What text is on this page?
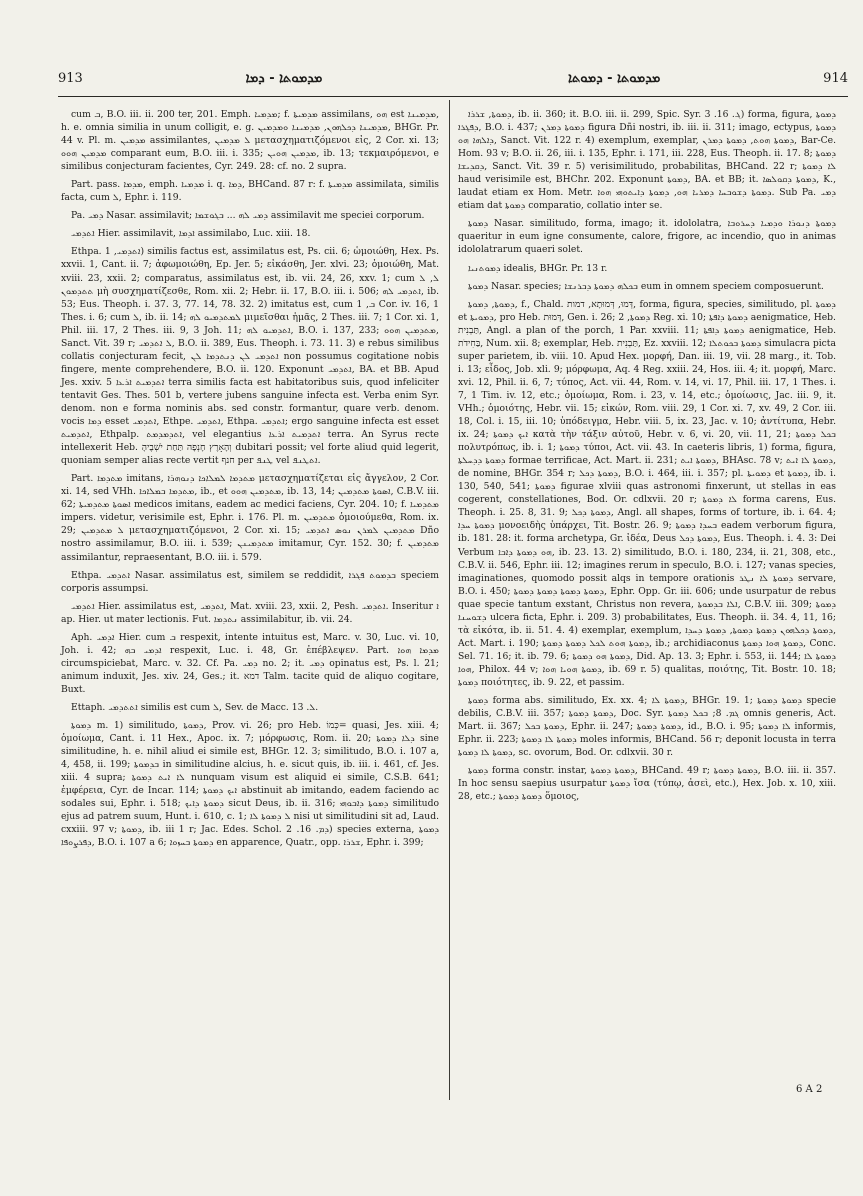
913	ܡܕܡܘܬܐ - ܕܡܐ	ܡܕܡܘܬܐ - ܕܡܘܬܐ	914

cum ܒ, B.O. iii. ii. 200 ter, 201. Emph. ܡܕܡܝܐ; f. ܡܕܡܝܬܐ assimilans, ܗܘ est ܡܕܡܝܢܐ, h. e. omnia similia in unum colligit, e. g. ܡܕܡܝܢܐ ܕܟܠܗܘܢ, ܡܕܡܝܢܐ ܘܡܕܡܝܢ, BHGr. Pr. 44 v. Pl. m. ܡܕܡܝܢ assimilantes, ܠ ܡܕܡܝܢ μετασχηματιζόμενοι εἰς, 2 Cor. xi. 13; ܡܕܡܝܢ ܗܘܘ comparant eum, B.O. iii. i. 335; ܡܕܡܝܢ ܗܘܝܢ, ib. 13; τεκμαιρόμενοι, e similibus conjecturam facientes, Cyr. 249. 28: cf. no. 2 supra.

Part. pass. ܡܕܡܐ, emph. ܡܕܡܝܐ i. q. ܕܡܐ, BHCand. 87 r: f. ܡܕܡܝܬܐ assimilata, similis facta, cum ܠ, Ephr. i. 119.

Pa. ܕܡܝ Nasar. assimilavit; ܕܡܝ ܠܗ ... ܒܓܘܫܡܐ assimilavit me speciei corporum.

ܐܬܕܡܝ Hier. assimilavit, ܐܕܡܐ assimilabo, Luc. xiii. 18.

Ethpa. ܐܬܕܡܝ, 1) similis factus est, assimilatus est, Ps. cii. 6; ὡμοιώθη, Hex. Ps. xxvii. 1, Cant. ii. 7; ἀφωμοιώθη, Ep. Jer. 5; εἰκάσθη, Jer. xlvi. 23; ὁμοιώθη, Mat. xviii. 23, xxii. 2; comparatus, assimilatus est, ib. vii. 24, 26, xxv. 1; cum ܠ, ܠ ܬܬܕܡܘܢ μὴ συσχηματίζεσθε, Rom. xii. 2; Hebr. ii. 17, B.O. iii. i. 506; ܐܬܕܡܝ ܠܗ, ib. 53; Eus. Theoph. i. 37. 3, 77. 14, 78. 32. 2) imitatus est, cum ܒ, 1 Cor. iv. 16, 1 Thes. i. 6; cum ܠ, ib. ii. 14; ܠܡܬܕܡܝܘ ܠܗ μιμεῖσθαι ἡμᾶς, 2 Thes. iii. 7; 1 Cor. xi. 1, Phil. iii. 17, 2 Thes. iii. 9, 3 Joh. 11; ܐܬܕܡܝܘ ܠܗ, B.O. i. 137, 233; ܡܬܕܡܝܢ ܗܘܘ, Sanct. Vit. 39 r; ܠ ܐܬܕܡܝ, B.O. ii. 389, Eus. Theoph. i. 73. 11. 3) e rebus similibus collatis conjecturam fecit, ܐܬܕܡܝ ܠܢ ܕܢܬܕܡܐ ܠܢ non possumus cogitatione nobis fingere, mente comprehendere, B.O. ii. 120. Exponunt ܐܬܕܡܝ, BA. et BB. Apud Jes. xxiv. 5 ܐܬܕܡܝܬ ܐܪܥܐ terra similis facta est habitatoribus suis, quod infeliciter tentavit Ges. Thes. 501 b, vertere jubens sanguine infecta est. Verba enim Syr. denom. non e forma nominis abs. sed constr. formantur, quare verb. denom. vocis ܕܡܐ esset ܐܬܕܡܝ, Ethpe. ܐܬܕܡܝ, Ethpa. ܐܬܕܡܝ; ergo sanguine infecta est esset ܐܬܕܡܝܬ, Ethpalp. ܐܬܕܡܕܡܬ, vel elegantius ܐܬܕܡܝܬ ܐܪܥܐ terra. An Syrus recte intellexerit Heb. וְהָאָרֶץ חָנְפָה תַּחַת יֹשְׁבֶיהָ dubitari possit; vel forte aliud quid legerit, quoniam semper alias recte vertit חנף per ܛܢܦ vel ܐܬܛܢܦ.

Part. ܡܬܕܡܐ imitans, ܡܬܕܡܐ ܠܡܠܐܟܐ ܕܢܘܗܪܐ μετασχηματίζεται εἰς ἄγγελον, 2 Cor. xi. 14, sed VHh. ܡܬܕܡܐ ܒܡܠܐܟܐ, ib., et ܡܬܕܡܝܢ ܗܘܘ, ib. 13, 14; ܐܣܘܬܐ ܡܬܕܡܝܢ, C.B.V. iii. 62; ܐܣܘܬܐ ܡܬܕܡܝܬܐ medicos imitans, eadem ac medici faciens, Cyr. 204. 10; f. ܡܬܕܡܝܐ impers. videtur, verisimile est, Ephr. i. 176. Pl. m. ܡܬܕܡܝܢ ὁμοιούμεθα, Rom. ix. 29; ܠ ܡܬܕܡܝܢ μετασχηματιζόμενοι, 2 Cor. xi. 15; ܡܬܕܡܝܢ ܠܡܪܢ ܢܘܣ ܐܬܕܡܝ Dño nostro assimilamur, B.O. iii. i. 539; ܡܬܕܡܝܢܢ imitamur, Cyr. 152. 30; f. ܡܬܕܡܝܢ assimilantur, repraesentant, B.O. iii. i. 579.

Ethpa. ܐܬܕܡܝ Nasar. assimilatus est, similem se reddidit, ܒܕܡܘܬ ܦܓܪܐ speciem corporis assumpsi.

ܐܬܕܡܝ Hier. assimilatus est, ܐܬܕܡܝ, Mat. xviii. 23, xxii. 2, Pesh. ܐܬܕܡܝ. Inseritur ܐ ap. Hier. ut mater lectionis. Fut. ܢܬܕܡܐ assimilabitur, ib. vii. 24.

Aph. ܐܕܡܝ Hier. cum ܒ respexit, intente intuitus est, Marc. v. 30, Luc. vi. 10, Joh. i. 42; ܐܕܡܝ ܒܗ respexit, Luc. i. 48, Gr. ἐπέβλεψεν. Part. ܡܕܡܐ ܗܘܐ circumspiciebat, Marc. v. 32. Cf. Pa. ܕܡܝ no. 2; it. ܕܡܝ opinatus est, Ps. l. 21; animum induxit, Jes. xiv. 24, Ges.; it. דמא Talm. tacite quid de aliquo cogitare, Buxt.

Ettaph. ܐܬܬܕܡܝ similis est cum ܠ, Sev. de Macc. ܠ. 13.

ܕܡܘܬܐ m. 1) similitudo, ܕܡܘܬܐ, Prov. vi. 26; pro Heb. כְּמוֹ= quasi, Jes. xiii. 4; ὁμοίωμα, Cant. i. 11 Hex., Apoc. ix. 7; μόρφωσις, Rom. ii. 20; ܕܠܐ ܕܡܘܬܐ sine similitudine, h. e. nihil aliud ei simile est, BHGr. 12. 3; similitudo, B.O. i. 107 a, 4, 458, ii. 199; ܒܕܡܘܬܐ in similitudine alcius, h. e. sicut quis, ib. iii. i. 461, cf. Jes. xiii. 4 supra; ܠܐ ܐܝܬ ܕܡܘܬܐ nunquam visum est aliquid ei simile, C.S.B. 641; ἐμφέρεια, Cyr. de Incar. 114; ܐܝܟ ܕܡܘܬܐ abstinuit ab imitando, eadem faciendo ac sodales sui, Ephr. i. 518; ܕܡܘܬܐ ܕܐܝܟ sicut Deus, ib. ii. 316; ܕܡܘܬܐ ܕܐܒܘܗܝ similitudo ejus ad patrem suum, Hunt. i. 610, c. 1; ܠ ܕܡܘܬܐ ܠܐ nisi ut similitudini sit ad, Laud. cxxiii. 97 v; ܕܡܘܬܐ, ib. iii 1 r; Jac. Edes. Schol. ܕܡ. 16. 2) species externa, ܕܡܘܬܐ ܕܦܪܨܘܦܐ, B.O. i. 107 a 6; ܕܡܘܬܐ ܒܚܙܘܐ en apparence, Quatr., opp. ܫܪܪܐ, Ephr. i. 399;

ܕܡܘܬܐ, ܫܪܪܐ, ib. ii. 360; it. B.O. iii. ii. 299, Spic. Syr. ܓ. 16. 3) forma, figura, ܕܡܘܬܐ ܕܦܓܪܐ, B.O. i. 437; ܕܡܘܬܐ ܕܡܪܢ figura Dñi nostri, ib. iii. ii. 311; imago, ectypus, ܕܡܘܬܐ ܕܐܠܗܐ ܗܘ, Sanct. Vit. 122 r. 4) exemplum, exemplar, ܕܡܘܬܐ ܗܘܬ, ܕܡܘܬܐ ܕܡܪܢ, Bar-Ce. Hom. 93 v; B.O. ii. 26, iii. i. 135, Ephr. i. 171, iii. 228, Eus. Theoph. ii. 17. 8; ܕܡܘܬܐ ܕܩܕܝܫܐ, Sanct. Vit. 39 r. 5) verisimilitudo, probabilitas, BHCand. 22 r; ܠܐ ܕܡܘܬܐ haud verisimile est, BHChr. 202. Exponunt ܕܡܘܬܐ, BA. et BB; it. ܕܡܘܬܐ ܕܩܘܠܣܐ, K., laudat etiam ex Hom. Metr. ܕܡܘܬܐ ܕܫܘܒܚܐ ܕܡܪܝܐ ܗܘ, ܕܡܘܬܐ ܕܐܝܬܘܗܝ ܗܘܐ. Sub Pa. ܕܡܝ etiam dat ܕܡܘܬܐ comparatio, collatio inter se.

ܕܡܘܬܐ Nasar. similitudo, forma, imago; it. idololatra, ܕܡܘܬܐ ܕܢܘܪܐ ܘܕܡܝܐ ܕܚܪܘܒܐ quaeritur in eum igne consumente, calore, frigore, ac incendio, quo in animas idololatrarum quaeri solet.

ܕܡܘܬܢܝܐ idealis, BHGr. Pr. 13 r.

ܕܡܘܬܐ Nasar. species; ܒܟܠܗ ܕܡܘܬܐ ܕܒܪܢܫܐ eum in omnem speciem composuerunt.

ܕܡܘܬܐ, ܕܡܘܬܐ, f., Chald. דְּמוּ, דְּמוּתָא, דמות, forma, figura, species, similitudo, pl. ܕܡܘܬܐ et ܕܡܘܝܬܐ, pro Heb. דְּמוּת, Gen. i. 26; ܕܡܘܬܐ, 2 Reg. xi. 10; ܕܡܘܬܐ ܕܐܦܬܐ aenigmatice, Heb. תַּבְנִית, Angl. a plan of the porch, 1 Par. xxviii. 11; ܕܡܘܬܐ ܕܐܦܬܐ aenigmatice, Heb. בַּחִידֹת, Num. xii. 8; exemplar, Heb. תַּבְנִית, Ez. xxviii. 12; ܕܡܘܬܐ ܒܟܘܬܠܐ simulacra picta super parietem, ib. viii. 10. Apud Hex. μορφή, Dan. iii. 19, vii. 28 marg., it. Tob. i. 13; εἶδος, Job. xli. 9; μόρφωμα, Aq. 4 Reg. xxiii. 24, Hos. iii. 4; it. μορφή, Marc. xvi. 12, Phil. ii. 6, 7; τύπος, Act. vii. 44, Rom. v. 14, vi. 17, Phil. iii. 17, 1 Thes. i. 7, 1 Tim. iv. 12, etc.; ὁμοίωμα, Rom. i. 23, v. 14, etc.; ὁμοίωσις, Jac. iii. 9, it. VHh.; ὁμοιότης, Hebr. vii. 15; εἰκών, Rom. viii. 29, 1 Cor. xi. 7, xv. 49, 2 Cor. iii. 18, Col. i. 15, iii. 10; ὑπόδειγμα, Hebr. viii. 5, ix. 23, Jac. v. 10; ἀντίτυπα, Hebr. ix. 24; ܐܝܟ ܕܡܘܬܐ κατὰ τὴν τάξιν αὐτοῦ, Hebr. v. 6, vi. 20, vii. 11, 21; ܒܟܠ ܕܡܘܬܐ πολυτρόπως, ib. i. 1; ܕܡܘܬܐ τύποι, Act. vii. 43. In caeteris libris, 1) forma, figura, ܕܡܘܬܐ ܕܕܚܠܬܐ formae terrificae, Act. Mart. ii. 231; ܕܡܘܬܐ ܐܝܬ, BHAsc. 78 v; ܕܡܘܬܐ ܠܐ ܐܝܬ, de nomine, BHGr. 354 r; ܕܡܘܬܐ ܕܟܠ, B.O. i. 464, iii. i. 357; pl. ܕܡܘܝܬܐ et ܕܡܘܬܐ, ib. i. 130, 540, 541; ܕܡܘܬܐ figurae xlviii quas astronomi finxerunt, ut stellas in eas cogerent, constellationes, Bod. Or. cdlxvii. 20 r; ܠܐ ܕܡܘܬܐ forma carens, Eus. Theoph. i. 25. 8, 31. 9; ܕܡܘܬܐ ܕܟܠ, Angl. all shapes, forms of torture, ib. i. 64. 4; ܕܡܘܬܐ ܚܕܐ μονοειδὴς ὑπάρχει, Tit. Bostr. 26. 9; ܒܚܕܐ ܕܡܘܬܐ eadem verborum figura, ib. 181. 28: it. forma archetypa, Gr. ἰδέα, Deus ܕܡܘܬܐ ܕܟܠ, Eus. Theoph. i. 4. 3: Dei Verbum ܗܘ ܕܡܘܬܐ ܕܐܒܐ, ib. 23. 13. 2) similitudo, B.O. i. 180, 234, ii. 21, 308, etc., C.B.V. ii. 546, Ephr. iii. 12; imagines rerum in speculo, B.O. i. 127; vanas species, imaginationes, quomodo possit alqs in tempore orationis ܕܡܘܬܐ ܠܐ ܢܛܪ servare, B.O. i. 450; ܕܡܘܬܐ ܕܡܘܬܐ ܕܡܘܬܐ ܕܡܘܬܐ, Ephr. Opp. Gr. iii. 606; unde usurpatur de rebus quae specie tantum exstant, Christus non revera, ܐܠܐ ܒܕܡܘܬܐ, C.B.V. iii. 309; ܕܡܘܬܐ ܕܫܘܚܢܐ ulcera ficta, Ephr. i. 209. 3) probabilitates, Eus. Theoph. ii. 34. 4, 11, 16; τὰ εἰκότα, ib. ii. 51. 4. 4) exemplar, exemplum, ܕܡܘܬܐ ܕܟܠܗܘܢ ܕܡܘܬܐ ܕܡܘܬܐ, ܕܡܘܬܐ ܕܚܕܐ, Act. Mart. i. 190; ܕܡܘܬܐ ܗܘܬ ܠܟܠ ܕܡܘܬܐ ܕܡܘܬܐ, ib.; archidiaconus ܕܡܘܬܐ ܗܘܐ ܕܡܘܬܐ, Conc. Sel. 71. 16; it. ib. 79. 6; ܕܡܘܬܐ ܗܘ ܕܡܘܬܐ, Did. Ap. 13. 3; Ephr. i. 553, ii. 144; ܕܡܘܬܐ ܠܐ ܗܘܐ, Philox. 44 v; ܕܡܘܬܐ ܗܘܝܐ ܗܘܐ, ib. 69 r. 5) qualitas, ποιότης, Tit. Bostr. 10. 18; ܕܡܘܬܐ ποιότητες, ib. 9. 22, et passim.

ܕܡܘܬܐ forma abs. similitudo, Ex. xx. 4; ܕܡܘܬܐ ܠܐ, BHGr. 19. 1; ܕܡܘܬܐ ܕܡܘܬܐ specie debilis, C.B.V. iii. 357; ܕܡܘܬܐ ܕܡܘܬܐ, Doc. Syr. ܓܡ. 8; ܒܟܠ ܕܡܘܬܐ omnis generis, Act. Mart. ii. 367; ܕܡܘܬܐ ܒܟܠ, Ephr. ii. 247; ܕܡܘܬܐ ܕܡܘܬܐ, id., B.O. i. 95; ܠܐ ܕܡܘܬܐ informis, Ephr. ii. 223; ܕܡܘܬܐ ܠܐ ܕܡܘܬܐ moles informis, BHCand. 56 r; deponit locusta in terra ܕܡܘܬܐ ܠܐ ܕܡܘܬܐ, sc. ovorum, Bod. Or. cdlxvii. 30 r.

ܕܡܘܬܐ forma constr. instar, ܕܡܘܬܐ ܕܡܘܬܐ, BHCand. 49 r; ܕܡܘܬܐ ܕܡܘܬܐ, B.O. iii. ii. 357. In hoc sensu saepius usurpatur ܕܡܘܬܐ ἴσα (τύπῳ, ἀσεὶ, etc.), Hex. Job. x. 10, xiii. 28, etc.; ܕܡܘܬܐ ܕܡܘܬܐ ὅμοιος,

6 A 2
